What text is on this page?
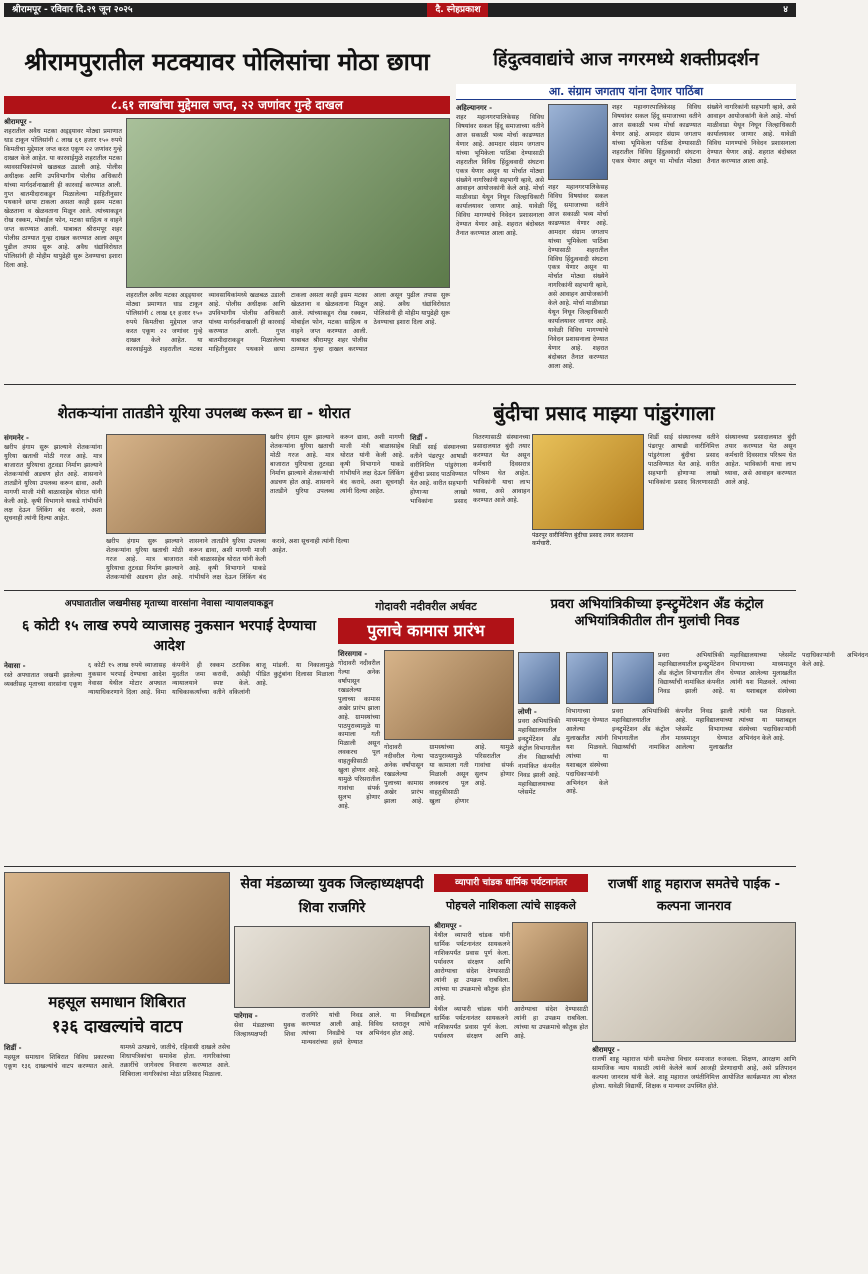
श्रीरामपूर - रविवार दि.२९ जून २०२५	दै. स्नेहप्रकाश	४
श्रीरामपुरातील मटक्यावर पोलिसांचा मोठा छापा
८.६१ लाखांचा मुद्देमाल जप्त, २२ जणांवर गुन्हे दाखल
श्रीरामपूर -
शहरातील अवैध मटका अड्ड्यावर मोठ्या प्रमाणात धाड टाकून पोलिसांनी ८ लाख ६१ हजार १५० रुपये किमतीचा मुद्देमाल जप्त करत एकूण २२ जणांवर गुन्हे दाखल केले आहेत. या कारवाईमुळे शहरातील मटका व्यावसायिकांमध्ये खळबळ उडाली आहे. पोलीस अधीक्षक आणि उपविभागीय पोलीस अधिकारी यांच्या मार्गदर्शनाखाली ही कारवाई करण्यात आली. गुप्त बातमीदाराकडून मिळालेल्या माहितीनुसार पथकाने छापा टाकला असता काही इसम मटका खेळताना व खेळवताना मिळून आले. त्यांच्याकडून रोख रक्कम, मोबाईल फोन, मटका साहित्य व वाहने जप्त करण्यात आली. याबाबत श्रीरामपूर शहर पोलीस ठाण्यात गुन्हा दाखल करण्यात आला असून पुढील तपास सुरू आहे. अवैध धंद्यांविरोधात पोलिसांनी ही मोहीम यापुढेही सुरू ठेवण्याचा इशारा दिला आहे.
शहरातील अवैध मटका अड्ड्यावर मोठ्या प्रमाणात धाड टाकून पोलिसांनी ८ लाख ६१ हजार १५० रुपये किमतीचा मुद्देमाल जप्त करत एकूण २२ जणांवर गुन्हे दाखल केले आहेत. या कारवाईमुळे शहरातील मटका व्यावसायिकांमध्ये खळबळ उडाली आहे. पोलीस अधीक्षक आणि उपविभागीय पोलीस अधिकारी यांच्या मार्गदर्शनाखाली ही कारवाई करण्यात आली. गुप्त बातमीदाराकडून मिळालेल्या माहितीनुसार पथकाने छापा टाकला असता काही इसम मटका खेळताना व खेळवताना मिळून आले. त्यांच्याकडून रोख रक्कम, मोबाईल फोन, मटका साहित्य व वाहने जप्त करण्यात आली. याबाबत श्रीरामपूर शहर पोलीस ठाण्यात गुन्हा दाखल करण्यात आला असून पुढील तपास सुरू आहे. अवैध धंद्यांविरोधात पोलिसांनी ही मोहीम यापुढेही सुरू ठेवण्याचा इशारा दिला आहे.
हिंदुत्ववाद्यांचे आज नगरमध्ये शक्तीप्रदर्शन
आ. संग्राम जगताप यांना देणार पाठिंबा
अहिल्यानगर -
शहर महानगरपालिकेसह विविध विषयांवर सकल हिंदू समाजाच्या वतीने आज सकाळी भव्य मोर्चा काढण्यात येणार आहे. आमदार संग्राम जगताप यांच्या भूमिकेला पाठिंबा देण्यासाठी शहरातील विविध हिंदुत्ववादी संघटना एकत्र येणार असून या मोर्चात मोठ्या संख्येने नागरिकांनी सहभागी व्हावे, असे आवाहन आयोजकांनी केले आहे. मोर्चा माळीवाडा येथून निघून जिल्हाधिकारी कार्यालयावर जाणार आहे. यावेळी विविध मागण्यांचे निवेदन प्रशासनाला देण्यात येणार आहे. शहरात बंदोबस्त तैनात करण्यात आला आहे.
शहर महानगरपालिकेसह विविध विषयांवर सकल हिंदू समाजाच्या वतीने आज सकाळी भव्य मोर्चा काढण्यात येणार आहे. आमदार संग्राम जगताप यांच्या भूमिकेला पाठिंबा देण्यासाठी शहरातील विविध हिंदुत्ववादी संघटना एकत्र येणार असून या मोर्चात मोठ्या संख्येने नागरिकांनी सहभागी व्हावे, असे आवाहन आयोजकांनी केले आहे. मोर्चा माळीवाडा येथून निघून जिल्हाधिकारी कार्यालयावर जाणार आहे. यावेळी विविध मागण्यांचे निवेदन प्रशासनाला देण्यात येणार आहे. शहरात बंदोबस्त तैनात करण्यात आला आहे.
शहर महानगरपालिकेसह विविध विषयांवर सकल हिंदू समाजाच्या वतीने आज सकाळी भव्य मोर्चा काढण्यात येणार आहे. आमदार संग्राम जगताप यांच्या भूमिकेला पाठिंबा देण्यासाठी शहरातील विविध हिंदुत्ववादी संघटना एकत्र येणार असून या मोर्चात मोठ्या संख्येने नागरिकांनी सहभागी व्हावे, असे आवाहन आयोजकांनी केले आहे. मोर्चा माळीवाडा येथून निघून जिल्हाधिकारी कार्यालयावर जाणार आहे. यावेळी विविध मागण्यांचे निवेदन प्रशासनाला देण्यात येणार आहे. शहरात बंदोबस्त तैनात करण्यात आला आहे.
शेतकऱ्यांना तातडीने यूरिया उपलब्ध करून द्या - थोरात
संगमनेर -
खरीप हंगाम सुरू झाल्याने शेतकऱ्यांना युरिया खताची मोठी गरज आहे. मात्र बाजारात युरियाचा तुटवडा निर्माण झाल्याने शेतकऱ्यांची अडचण होत आहे. शासनाने तातडीने युरिया उपलब्ध करून द्यावा, अशी मागणी माजी मंत्री बाळासाहेब थोरात यांनी केली आहे. कृषी विभागाने याकडे गांभीर्याने लक्ष देऊन लिंकिंग बंद करावे, अशा सूचनाही त्यांनी दिल्या आहेत.
खरीप हंगाम सुरू झाल्याने शेतकऱ्यांना युरिया खताची मोठी गरज आहे. मात्र बाजारात युरियाचा तुटवडा निर्माण झाल्याने शेतकऱ्यांची अडचण होत आहे. शासनाने तातडीने युरिया उपलब्ध करून द्यावा, अशी मागणी माजी मंत्री बाळासाहेब थोरात यांनी केली आहे. कृषी विभागाने याकडे गांभीर्याने लक्ष देऊन लिंकिंग बंद करावे, अशा सूचनाही त्यांनी दिल्या आहेत.
खरीप हंगाम सुरू झाल्याने शेतकऱ्यांना युरिया खताची मोठी गरज आहे. मात्र बाजारात युरियाचा तुटवडा निर्माण झाल्याने शेतकऱ्यांची अडचण होत आहे. शासनाने तातडीने युरिया उपलब्ध करून द्यावा, अशी मागणी माजी मंत्री बाळासाहेब थोरात यांनी केली आहे. कृषी विभागाने याकडे गांभीर्याने लक्ष देऊन लिंकिंग बंद करावे, अशा सूचनाही त्यांनी दिल्या आहेत.
बुंदीचा प्रसाद माझ्या पांडुरंगाला
शिर्डी -
शिर्डी साई संस्थानच्या वतीने पंढरपूर आषाढी वारीनिमित्त पांडुरंगाला बुंदीचा प्रसाद पाठविण्यात येत आहे. वारीत सहभागी होणाऱ्या लाखो भाविकांना प्रसाद वितरणासाठी संस्थानच्या प्रसादालयात बुंदी तयार करण्यात येत असून कर्मचारी दिवसरात्र परिश्रम घेत आहेत. भाविकांनी याचा लाभ घ्यावा, असे आवाहन करण्यात आले आहे.
पंढरपूर वारीनिमित्त बुंदीचा प्रसाद तयार करताना कर्मचारी.
शिर्डी साई संस्थानच्या वतीने पंढरपूर आषाढी वारीनिमित्त पांडुरंगाला बुंदीचा प्रसाद पाठविण्यात येत आहे. वारीत सहभागी होणाऱ्या लाखो भाविकांना प्रसाद वितरणासाठी संस्थानच्या प्रसादालयात बुंदी तयार करण्यात येत असून कर्मचारी दिवसरात्र परिश्रम घेत आहेत. भाविकांनी याचा लाभ घ्यावा, असे आवाहन करण्यात आले आहे.
अपघातातील जखमीसह मृताच्या वारसांना नेवासा न्यायालयाकडून
६ कोटी १५ लाख रुपये व्याजासह नुकसान भरपाई देण्याचा आदेश
नेवासा -
रस्ते अपघातात जखमी झालेल्या व्यक्तीसह मृताच्या वारसांना एकूण ६ कोटी १५ लाख रुपये व्याजासह नुकसान भरपाई देण्याचा आदेश नेवासा येथील मोटार अपघात न्यायाधिकरणाने दिला आहे. विमा कंपनीने ही रक्कम ठराविक मुदतीत जमा करावी, असेही न्यायालयाने स्पष्ट केले. याचिकाकर्त्यांच्या वतीने वकिलांनी बाजू मांडली. या निकालामुळे पीडित कुटुंबांना दिलासा मिळाला आहे.
गोदावरी नदीवरील अर्धवट
पुलाचे कामास प्रारंभ
शिरसगाव -
गोदावरी नदीवरील गेल्या अनेक वर्षांपासून रखडलेल्या पुलाच्या कामास अखेर प्रारंभ झाला आहे. ग्रामस्थांच्या पाठपुराव्यामुळे या कामाला गती मिळाली असून लवकरच पूल वाहतुकीसाठी खुला होणार आहे. यामुळे परिसरातील गावांचा संपर्क सुलभ होणार आहे.
गोदावरी नदीवरील गेल्या अनेक वर्षांपासून रखडलेल्या पुलाच्या कामास अखेर प्रारंभ झाला आहे. ग्रामस्थांच्या पाठपुराव्यामुळे या कामाला गती मिळाली असून लवकरच पूल वाहतुकीसाठी खुला होणार आहे. यामुळे परिसरातील गावांचा संपर्क सुलभ होणार आहे.
प्रवरा अभियांत्रिकीच्या इन्स्ट्रुमेंटेशन अँड कंट्रोल अभियांत्रिकीतील तीन मुलांची निवड
लोणी -
प्रवरा अभियांत्रिकी महाविद्यालयातील इन्स्ट्रुमेंटेशन अँड कंट्रोल विभागातील तीन विद्यार्थ्यांची नामांकित कंपनीत निवड झाली आहे. महाविद्यालयाच्या प्लेसमेंट विभागाच्या माध्यमातून घेण्यात आलेल्या मुलाखतीत त्यांनी यश मिळवले. त्यांच्या या यशाबद्दल संस्थेच्या पदाधिकाऱ्यांनी अभिनंदन केले आहे.
प्रवरा अभियांत्रिकी महाविद्यालयातील इन्स्ट्रुमेंटेशन अँड कंट्रोल विभागातील तीन विद्यार्थ्यांची नामांकित कंपनीत निवड झाली आहे. महाविद्यालयाच्या प्लेसमेंट विभागाच्या माध्यमातून घेण्यात आलेल्या मुलाखतीत त्यांनी यश मिळवले. त्यांच्या या यशाबद्दल संस्थेच्या पदाधिकाऱ्यांनी अभिनंदन केले आहे.
प्रवरा अभियांत्रिकी महाविद्यालयातील इन्स्ट्रुमेंटेशन अँड कंट्रोल विभागातील तीन विद्यार्थ्यांची नामांकित कंपनीत निवड झाली आहे. महाविद्यालयाच्या प्लेसमेंट विभागाच्या माध्यमातून घेण्यात आलेल्या मुलाखतीत त्यांनी यश मिळवले. त्यांच्या या यशाबद्दल संस्थेच्या पदाधिकाऱ्यांनी अभिनंदन केले आहे.
महसूल समाधान शिबिरात
१३६ दाखल्यांचे वाटप
शिर्डी -
महसूल समाधान शिबिरात विविध प्रकारच्या एकूण १३६ दाखल्यांचे वाटप करण्यात आले. यामध्ये उत्पन्नाचे, जातीचे, रहिवासी दाखले तसेच शिधापत्रिकांचा समावेश होता. नागरिकांच्या तक्रारींचे जागेवरच निवारण करण्यात आले. शिबिराला नागरिकांचा मोठा प्रतिसाद मिळाला.
सेवा मंडळाच्या युवक जिल्हाध्यक्षपदी शिवा राजगिरे
पारेगाव -
सेवा मंडळाच्या युवक जिल्हाध्यक्षपदी शिवा राजगिरे यांची निवड करण्यात आली आहे. त्यांच्या निवडीचे पत्र मान्यवरांच्या हस्ते देण्यात आले. या निवडीबद्दल विविध स्तरातून त्यांचे अभिनंदन होत आहे.
व्यापारी चांडक धार्मिक पर्यटनानंतर
पोहचले नाशिकला त्यांचे साइकले
श्रीरामपूर -
येथील व्यापारी चांडक यांनी धार्मिक पर्यटनानंतर सायकलने नाशिकपर्यंत प्रवास पूर्ण केला. पर्यावरण संरक्षण आणि आरोग्याचा संदेश देण्यासाठी त्यांनी हा उपक्रम राबविला. त्यांच्या या उपक्रमाचे कौतुक होत आहे.
येथील व्यापारी चांडक यांनी धार्मिक पर्यटनानंतर सायकलने नाशिकपर्यंत प्रवास पूर्ण केला. पर्यावरण संरक्षण आणि आरोग्याचा संदेश देण्यासाठी त्यांनी हा उपक्रम राबविला. त्यांच्या या उपक्रमाचे कौतुक होत आहे.
राजर्षी शाहू महाराज समतेचे पाईक - कल्पना जानराव
श्रीरामपूर -
राजर्षी शाहू महाराज यांनी समतेचा विचार समाजात रुजवला. शिक्षण, आरक्षण आणि सामाजिक न्याय यासाठी त्यांनी केलेले कार्य आजही प्रेरणादायी आहे, असे प्रतिपादन कल्पना जानराव यांनी केले. शाहू महाराज जयंतीनिमित्त आयोजित कार्यक्रमात त्या बोलत होत्या. यावेळी विद्यार्थी, शिक्षक व मान्यवर उपस्थित होते.
